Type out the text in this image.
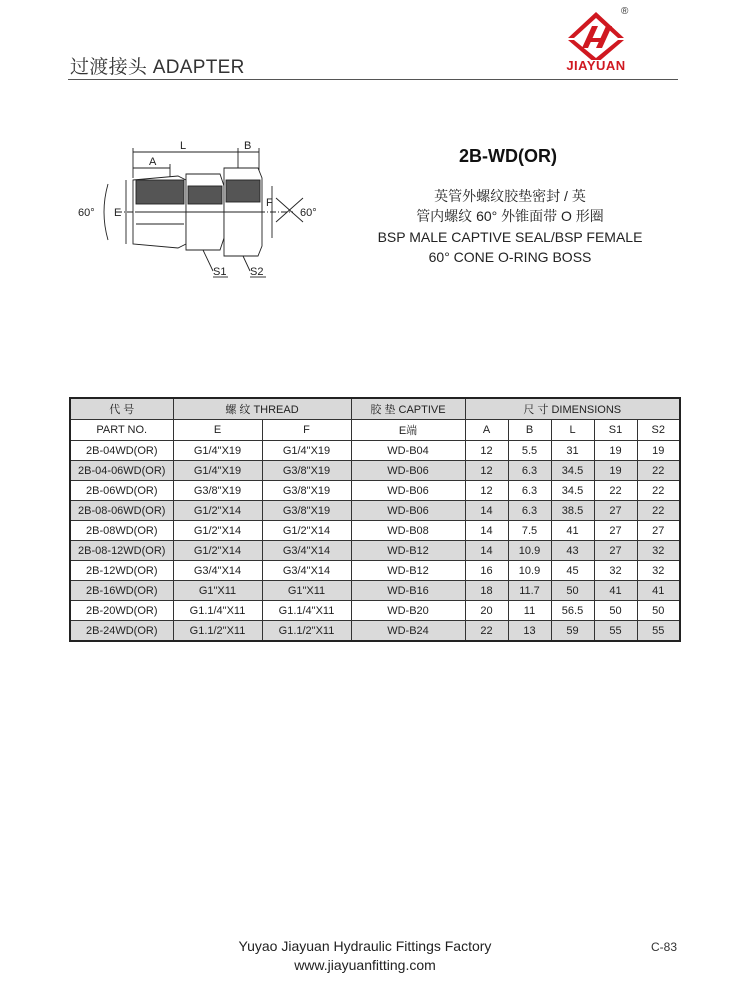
过渡接头 ADAPTER	JIAYUAN
®
L	B
A
E
F
60°	60°
S1 S2
2B-WD(OR)
英管外螺纹胶垫密封 / 英
管内螺纹 60° 外锥面带 O 形圈
BSP MALE CAPTIVE SEAL/BSP FEMALE
60° CONE O-RING BOSS
代 号	螺 纹 THREAD		胶 垫 CAPTIVE	尺 寸 DIMENSIONS				
PART NO.	E	F	E端	A	B	L	S1	S2
2B-04WD(OR)	G1/4"X19	G1/4"X19	WD-B04	12	5.5	31	19	19
2B-04-06WD(OR)	G1/4"X19	G3/8"X19	WD-B06	12	6.3	34.5	19	22
2B-06WD(OR)	G3/8"X19	G3/8"X19	WD-B06	12	6.3	34.5	22	22
2B-08-06WD(OR)	G1/2"X14	G3/8"X19	WD-B06	14	6.3	38.5	27	22
2B-08WD(OR)	G1/2"X14	G1/2"X14	WD-B08	14	7.5	41	27	27
2B-08-12WD(OR)	G1/2"X14	G3/4"X14	WD-B12	14	10.9	43	27	32
2B-12WD(OR)	G3/4"X14	G3/4"X14	WD-B12	16	10.9	45	32	32
2B-16WD(OR)	G1"X11	G1"X11	WD-B16	18	11.7	50	41	41
2B-20WD(OR)	G1.1/4"X11	G1.1/4"X11	WD-B20	20	11	56.5	50	50
2B-24WD(OR)	G1.1/2"X11	G1.1/2"X11	WD-B24	22	13	59	55	55
Yuyao Jiayuan Hydraulic Fittings Factory
www.jiayuanfitting.com
C-83
